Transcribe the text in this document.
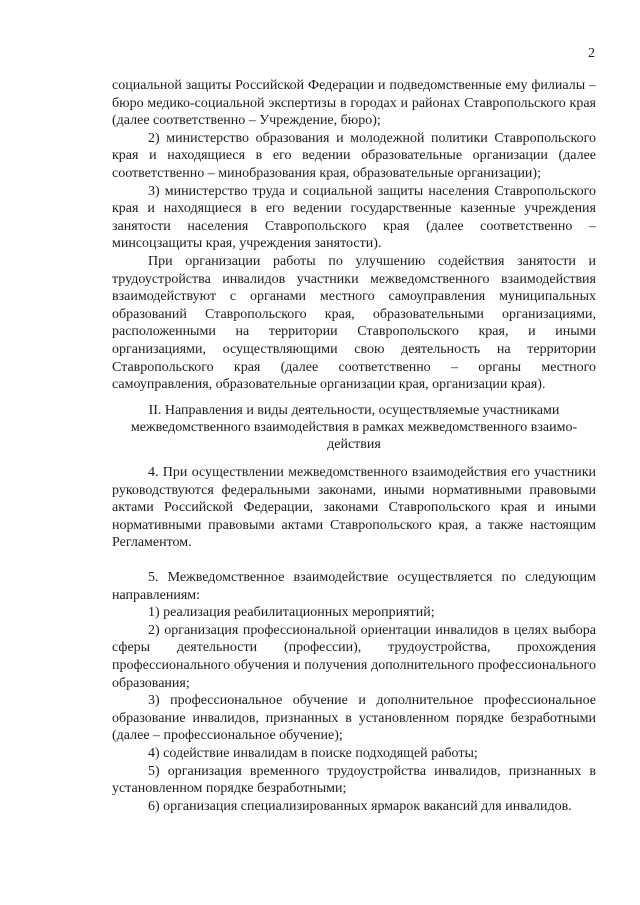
2

социальной защиты Российской Федерации и подведомственные ему филиалы – бюро медико-социальной экспертизы в городах и районах Ставропольского края (далее соответственно – Учреждение, бюро);

2) министерство образования и молодежной политики Ставропольского края и находящиеся в его ведении образовательные организации (далее соответственно – минобразования края, образовательные организации);

3) министерство труда и социальной защиты населения Ставропольского края и находящиеся в его ведении государственные казенные учреждения занятости населения Ставропольского края (далее соответственно – минсоцзащиты края, учреждения занятости).

При организации работы по улучшению содействия занятости и трудоустройства инвалидов участники межведомственного взаимодействия взаимодействуют с органами местного самоуправления муниципальных образований Ставропольского края, образовательными организациями, расположенными на территории Ставропольского края, и иными организациями, осуществляющими свою деятельность на территории Ставропольского края (далее соответственно – органы местного самоуправления, образовательные организации края, организации края).

II. Направления и виды деятельности, осуществляемые участниками
межведомственного взаимодействия в рамках межведомственного взаимо-
действия

4. При осуществлении межведомственного взаимодействия его участники руководствуются федеральными законами, иными нормативными правовыми актами Российской Федерации, законами Ставропольского края и иными нормативными правовыми актами Ставропольского края, а также настоящим Регламентом.

5. Межведомственное взаимодействие осуществляется по следующим направлениям:

1) реализация реабилитационных мероприятий;

2) организация профессиональной ориентации инвалидов в целях выбора сферы деятельности (профессии), трудоустройства, прохождения профессионального обучения и получения дополнительного профессионального образования;

3) профессиональное обучение и дополнительное профессиональное образование инвалидов, признанных в установленном порядке безработными (далее – профессиональное обучение);

4) содействие инвалидам в поиске подходящей работы;

5) организация временного трудоустройства инвалидов, признанных в установленном порядке безработными;

6) организация специализированных ярмарок вакансий для инвалидов.
